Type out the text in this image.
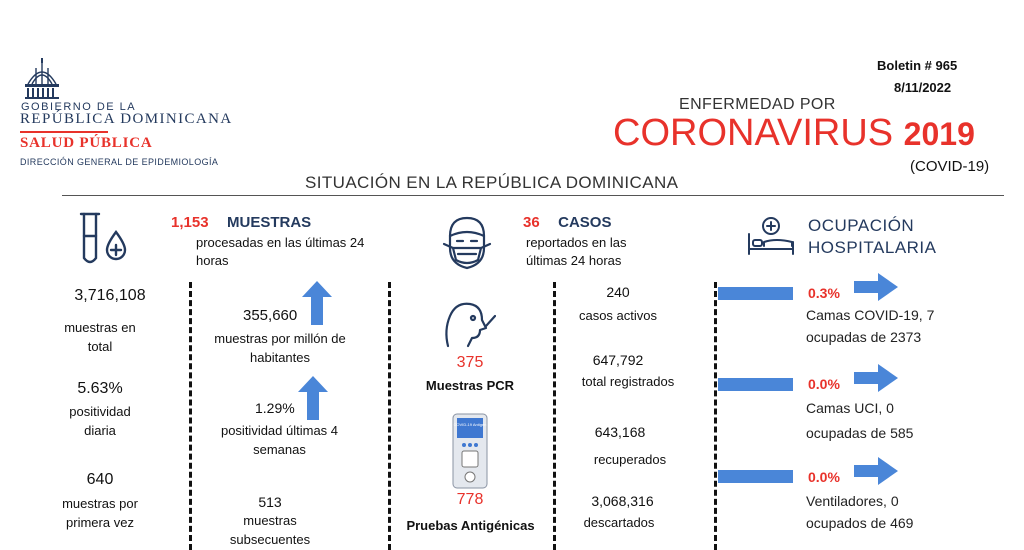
GOBIERNO DE LA
REPÚBLICA DOMINICANA
SALUD PÚBLICA
DIRECCIÓN GENERAL DE EPIDEMIOLOGÍA
Boletin # 965
8/11/2022
ENFERMEDAD POR
CORONAVIRUS 2019
(COVID-19)
SITUACIÓN EN LA REPÚBLICA DOMINICANA
3,716,108
muestras en total
5.63%
positividad diaria
640
muestras por primera vez
1,153 MUESTRAS
procesadas en las últimas 24 horas
355,660
muestras por millón de habitantes
1.29%
positividad últimas 4 semanas
513
muestras subsecuentes
375
Muestras PCR
COVID-19 Antigen
778
Pruebas Antigénicas
36 CASOS
reportados en las últimas 24 horas
240
casos activos
647,792
total registrados
643,168
recuperados
3,068,316
descartados
OCUPACIÓN
HOSPITALARIA
0.3%
Camas COVID-19, 7
ocupadas de 2373
0.0%
Camas UCI, 0
ocupadas de 585
0.0%
Ventiladores, 0
ocupados de 469
